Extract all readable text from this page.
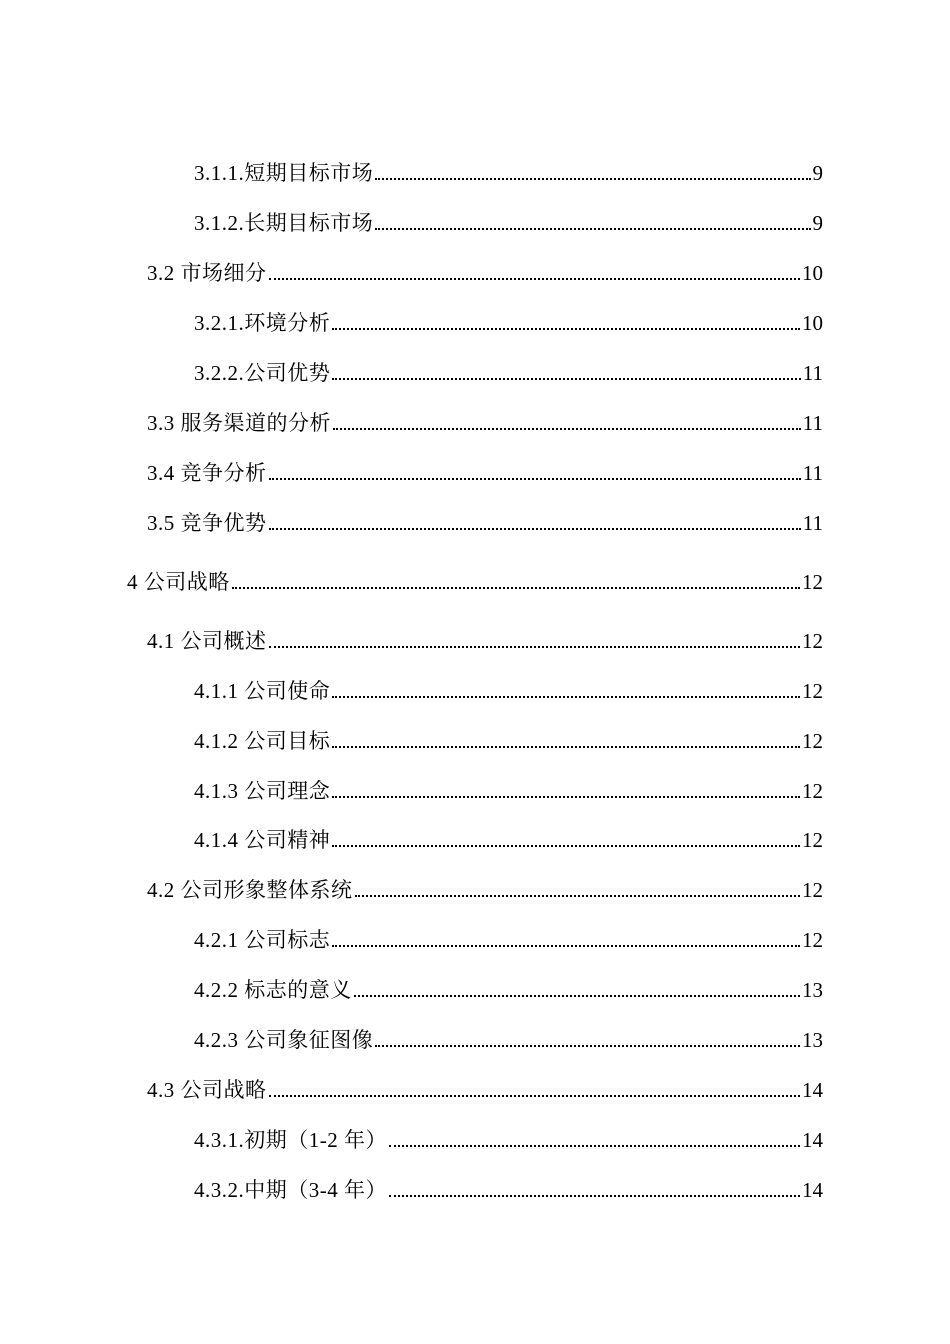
3.1.1.短期目标市场	9
3.1.2.长期目标市场	9
3.2 市场细分	10
3.2.1.环境分析	10
3.2.2.公司优势	11
3.3 服务渠道的分析	11
3.4 竞争分析	11
3.5 竞争优势	11
4 公司战略	12
4.1 公司概述	12
4.1.1 公司使命	12
4.1.2 公司目标	12
4.1.3 公司理念	12
4.1.4 公司精神	12
4.2 公司形象整体系统	12
4.2.1 公司标志	12
4.2.2 标志的意义	13
4.2.3 公司象征图像	13
4.3 公司战略	14
4.3.1.初期（1-2 年）	14
4.3.2.中期（3-4 年）	14
